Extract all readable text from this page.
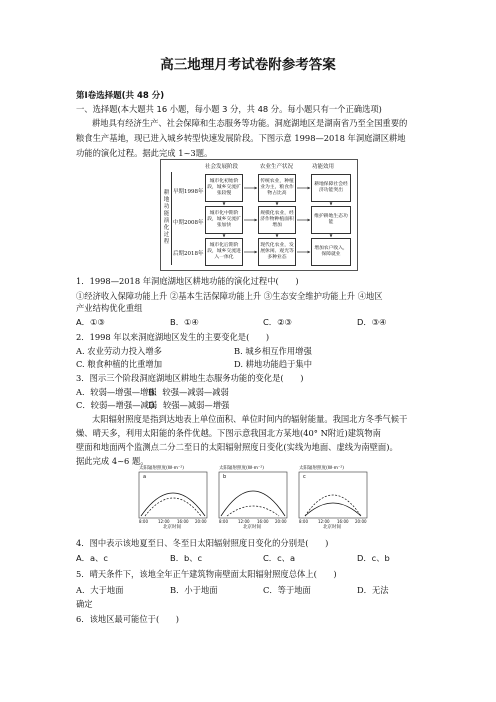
高三地理月考试卷附参考答案
第Ⅰ卷选择题(共 48 分)
一、选择题(本大题共 16 小题，每小题 3 分，共 48 分。每小题只有一个正确选项)
耕地具有经济生产、社会保障和生态服务等功能。洞庭湖地区是湖南省乃至全国重要的
粮食生产基地，现已进入城乡转型快速发展阶段。下图示意 1998—2018 年洞庭湖区耕地
功能的演化过程。据此完成 1~3题。
社会发展阶段	农业生产状况	功能效用
耕地功能演化过程
早期1998年
中期2008年
后期2018年
城市化初始阶段，城乡交流扩张较慢
城市化中期阶段，城乡交流扩张加快
城市化后期阶段，城乡交流进入一体化
传统农业，种植业为主，粮食作物占比高
规模化农业，经济作物种植面积增加
现代化农业，发展休闲、观光等多种业态
耕地保障社会经济功能突出
维护耕地生态功能
增加农户收入，保障就业
1．1998—2018 年洞庭湖地区耕地功能的演化过程中(　　)
①经济收入保障功能上升 ②基本生活保障功能上升 ③生态安全维护功能上升 ④地区
产业结构优化重组
A．①③	B．①④	C．②③	D．③④
2．1998 年以来洞庭湖地区发生的主要变化是(　　)
A. 农业劳动力投入增多	B. 城乡相互作用增强
C. 粮食种植的比重增加	D. 耕地功能趋于集中
3．图示三个阶段洞庭湖地区耕地生态服务功能的变化是(　　)
A．较弱—增强—增强
B．较强—减弱—减弱
C．较弱—增强—减弱
D．较强—减弱—增强
太阳辐射照度是指到达地表上单位面积、单位时间内的辐射能量。我国北方冬季气候干
燥、晴天多，利用太阳能的条件优越。下图示意我国北方某地(40° N附近)建筑物南
壁面和地面两个监测点二分二至日的太阳辐射照度日变化(实线为地面、虚线为南壁面)。
据此完成 4~6 题。
太阳辐射照度(W·m⁻²)	太阳辐射照度(W·m⁻²)	太阳辐射照度(W·m⁻²)
a	b	c
8:00	12:00 16:00 20:00	8:00	12:00 16:00 20:00	8:00	12:00 16:00 20:00
北京时间	北京时间	北京时间
4．图中表示该地夏至日、冬至日太阳辐射照度日变化的分别是(　　)
A．a、c	B．b、c	C．c、a	D．c、b
5．晴天条件下，该地全年正午建筑物南壁面太阳辐射照度总体上(　　)
A．大于地面	B．小于地面	C．等于地面	D．无法
确定
6．该地区最可能位于(　　)
